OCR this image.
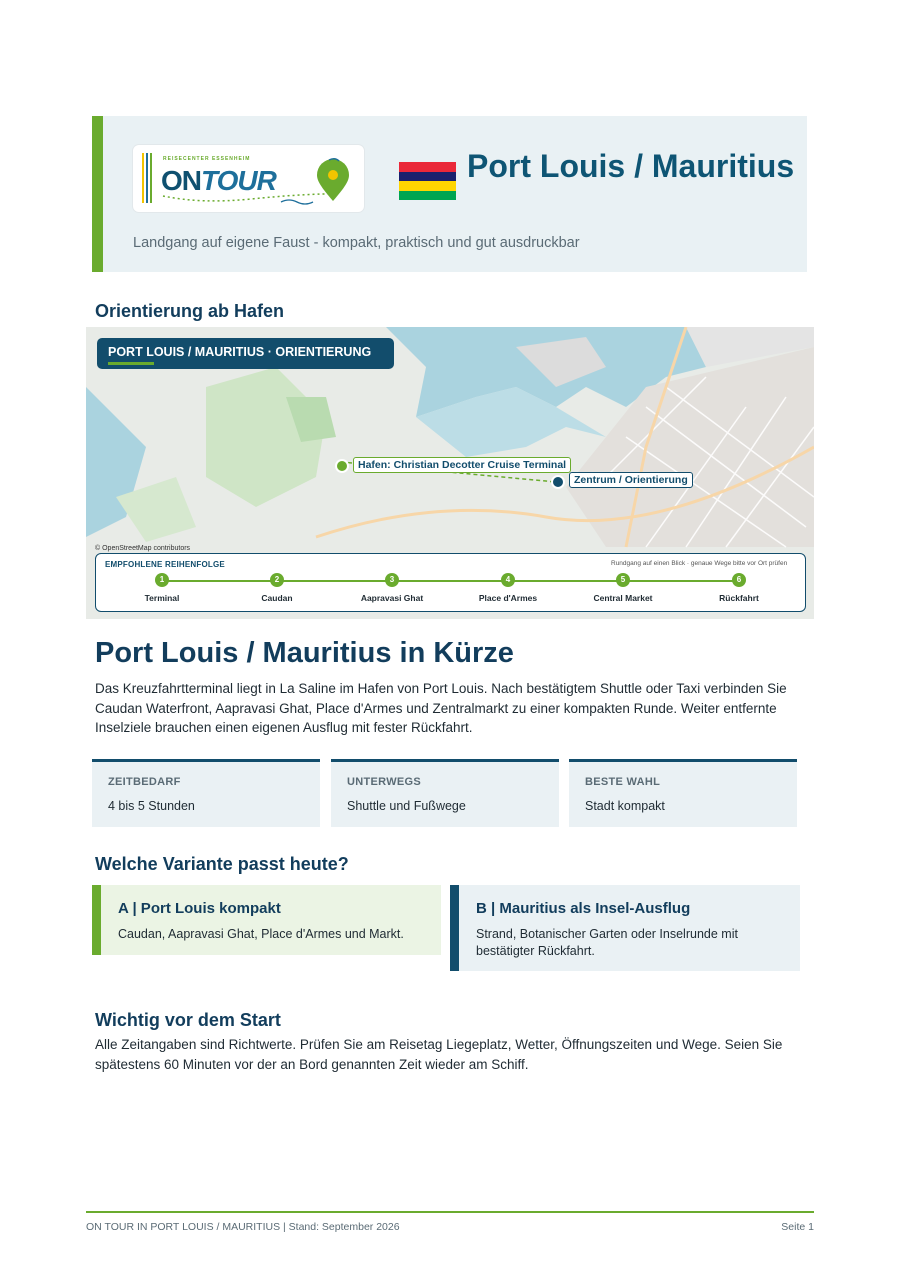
REISECENTER ESSENHEIM
ONTOUR	Port Louis / Mauritius
Landgang auf eigene Faust - kompakt, praktisch und gut ausdruckbar
Orientierung ab Hafen
PORT LOUIS / MAURITIUS · ORIENTIERUNG
Hafen: Christian Decotter Cruise Terminal
Zentrum / Orientierung
© OpenStreetMap contributors
EMPFOHLENE REIHENFOLGE	Rundgang auf einen Blick · genaue Wege bitte vor Ort prüfen
1
Terminal
2
Caudan
3
Aapravasi Ghat
4
Place d'Armes
5
Central Market
6
Rückfahrt
Port Louis / Mauritius in Kürze

Das Kreuzfahrtterminal liegt in La Saline im Hafen von Port Louis. Nach bestätigtem Shuttle oder Taxi verbinden Sie Caudan Waterfront, Aapravasi Ghat, Place d'Armes und Zentralmarkt zu einer kompakten Runde. Weiter entfernte Inselziele brauchen einen eigenen Ausflug mit fester Rückfahrt.

ZEITBEDARF
4 bis 5 Stunden
UNTERWEGS
Shuttle und Fußwege
BESTE WAHL
Stadt kompakt
Welche Variante passt heute?
A | Port Louis kompakt
Caudan, Aapravasi Ghat, Place d'Armes und Markt.
B | Mauritius als Insel-Ausflug
Strand, Botanischer Garten oder Inselrunde mit bestätigter Rückfahrt.
Wichtig vor dem Start

Alle Zeitangaben sind Richtwerte. Prüfen Sie am Reisetag Liegeplatz, Wetter, Öffnungszeiten und Wege. Seien Sie spätestens 60 Minuten vor der an Bord genannten Zeit wieder am Schiff.

ON TOUR IN PORT LOUIS / MAURITIUS | Stand: September 2026	Seite 1
